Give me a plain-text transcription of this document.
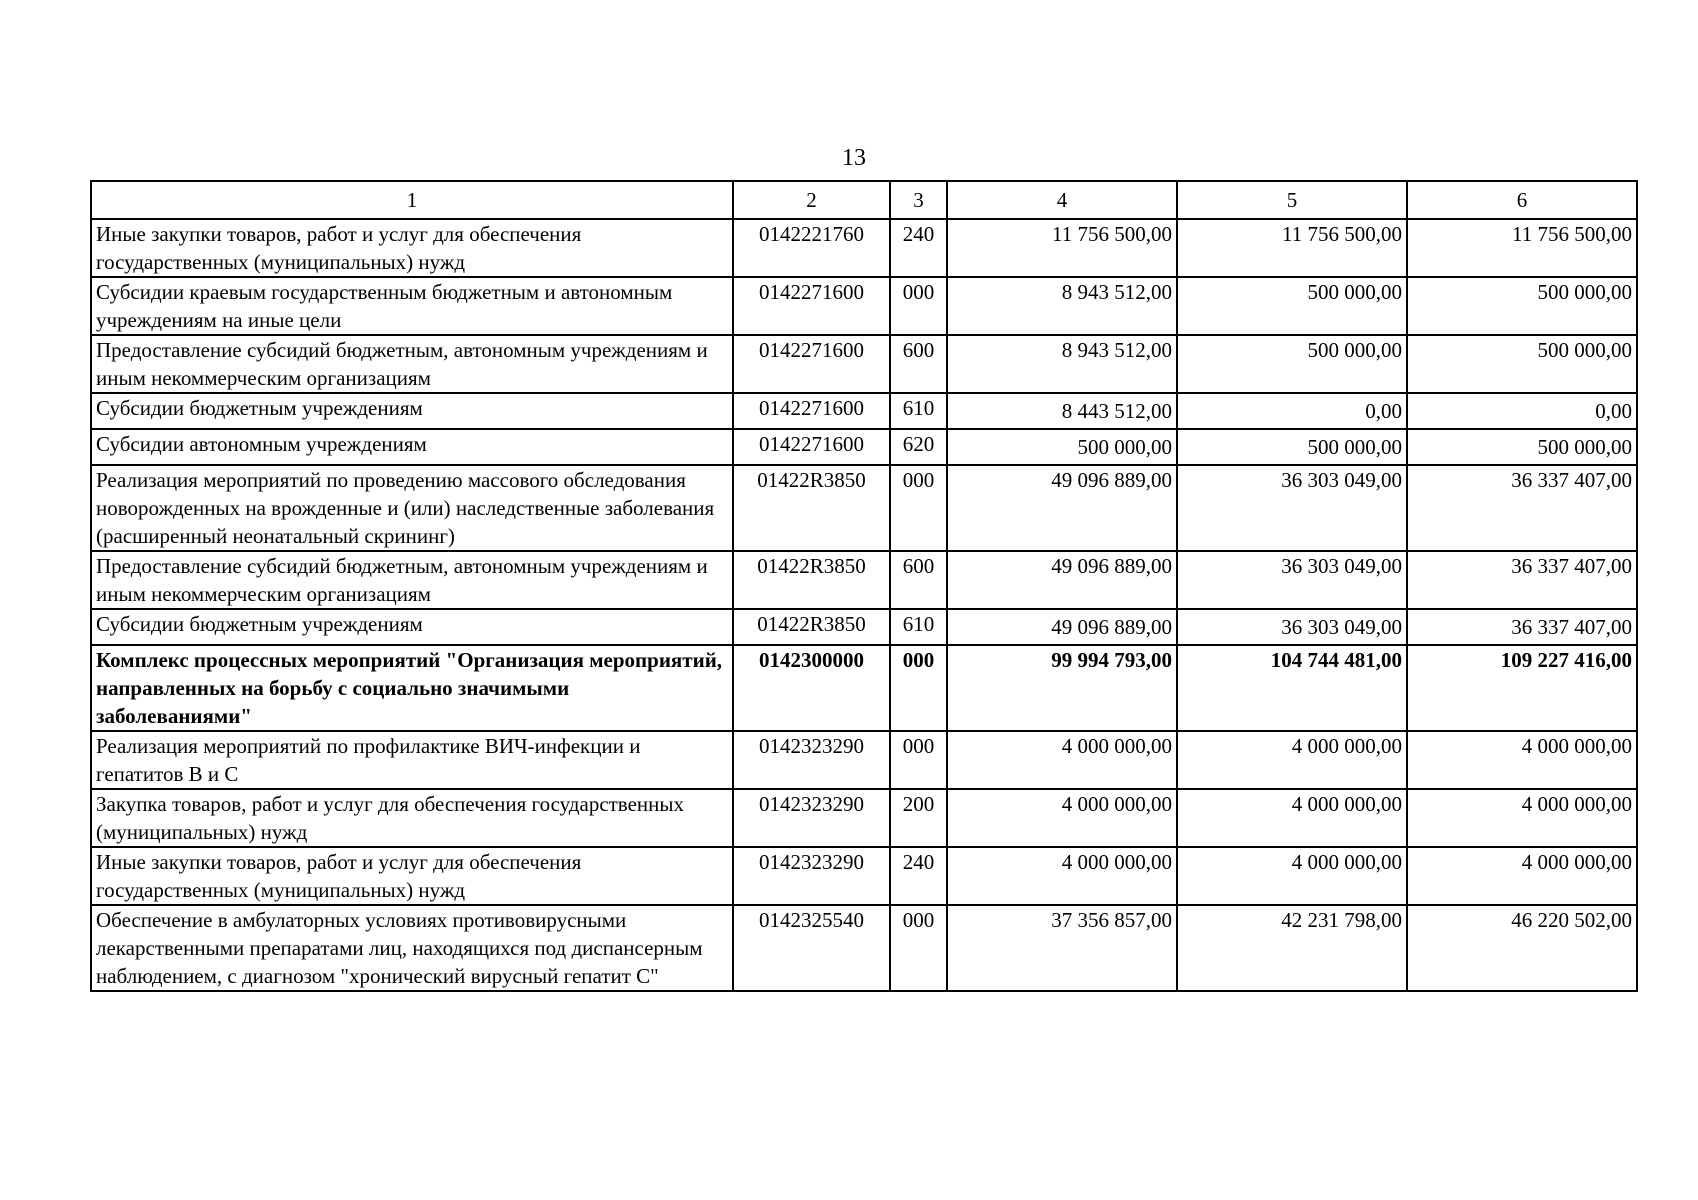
13
1	2	3	4	5	6
Иные закупки товаров, работ и услуг для обеспечения государственных (муниципальных) нужд	0142221760	240	11 756 500,00	11 756 500,00	11 756 500,00
Субсидии краевым государственным бюджетным и автономным учреждениям на иные цели	0142271600	000	8 943 512,00	500 000,00	500 000,00
Предоставление субсидий бюджетным, автономным учреждениям и иным некоммерческим организациям	0142271600	600	8 943 512,00	500 000,00	500 000,00
Субсидии бюджетным учреждениям	0142271600	610	8 443 512,00	0,00	0,00
Субсидии автономным учреждениям	0142271600	620	500 000,00	500 000,00	500 000,00
Реализация мероприятий по проведению массового обследования новорожденных на врожденные и (или) наследственные заболевания (расширенный неонатальный скрининг)	01422R3850	000	49 096 889,00	36 303 049,00	36 337 407,00
Предоставление субсидий бюджетным, автономным учреждениям и иным некоммерческим организациям	01422R3850	600	49 096 889,00	36 303 049,00	36 337 407,00
Субсидии бюджетным учреждениям	01422R3850	610	49 096 889,00	36 303 049,00	36 337 407,00
Комплекс процессных мероприятий "Организация мероприятий, направленных на борьбу с социально значимыми заболеваниями"	0142300000	000	99 994 793,00	104 744 481,00	109 227 416,00
Реализация мероприятий по профилактике ВИЧ-инфекции и гепатитов В и С	0142323290	000	4 000 000,00	4 000 000,00	4 000 000,00
Закупка товаров, работ и услуг для обеспечения государственных (муниципальных) нужд	0142323290	200	4 000 000,00	4 000 000,00	4 000 000,00
Иные закупки товаров, работ и услуг для обеспечения государственных (муниципальных) нужд	0142323290	240	4 000 000,00	4 000 000,00	4 000 000,00
Обеспечение в амбулаторных условиях противовирусными лекарственными препаратами лиц, находящихся под диспансерным наблюдением, с диагнозом "хронический вирусный гепатит С"	0142325540	000	37 356 857,00	42 231 798,00	46 220 502,00
